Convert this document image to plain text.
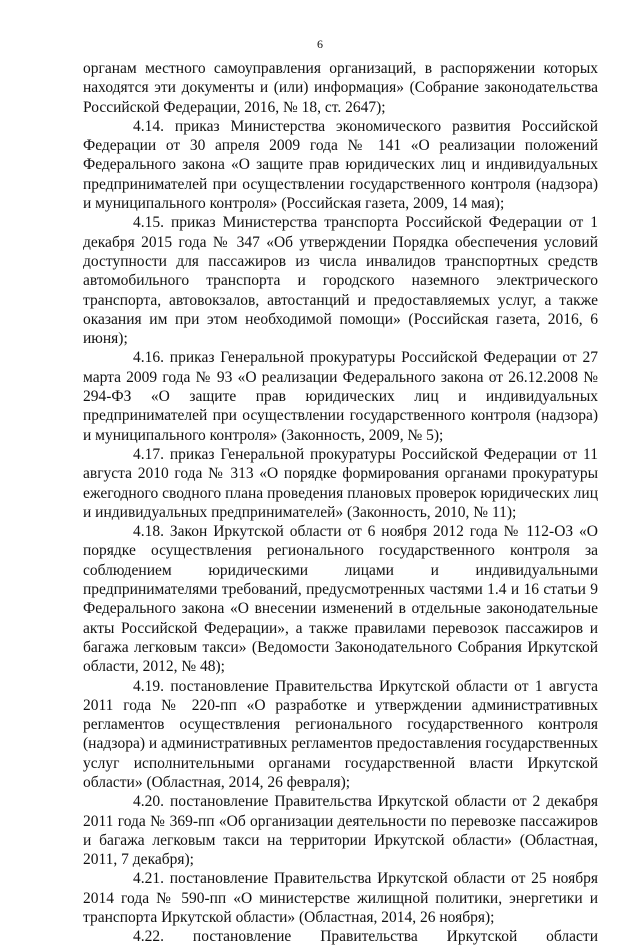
6

органам местного самоуправления организаций, в распоряжении которых находятся эти документы и (или) информация» (Собрание законодательства Российской Федерации, 2016, № 18, ст. 2647);

4.14. приказ Министерства экономического развития Российской Федерации от 30 апреля 2009 года № 141 «О реализации положений Федерального закона «О защите прав юридических лиц и индивидуальных предпринимателей при осуществлении государственного контроля (надзора) и муниципального контроля» (Российская газета, 2009, 14 мая);

4.15. приказ Министерства транспорта Российской Федерации от 1 декабря 2015 года № 347 «Об утверждении Порядка обеспечения условий доступности для пассажиров из числа инвалидов транспортных средств автомобильного транспорта и городского наземного электрического транспорта, автовокзалов, автостанций и предоставляемых услуг, а также оказания им при этом необходимой помощи» (Российская газета, 2016, 6 июня);

4.16. приказ Генеральной прокуратуры Российской Федерации от 27 марта 2009 года № 93 «О реализации Федерального закона от 26.12.2008 № 294-ФЗ «О защите прав юридических лиц и индивидуальных предпринимателей при осуществлении государственного контроля (надзора) и муниципального контроля» (Законность, 2009, № 5);

4.17. приказ Генеральной прокуратуры Российской Федерации от 11 августа 2010 года № 313 «О порядке формирования органами прокуратуры ежегодного сводного плана проведения плановых проверок юридических лиц и индивидуальных предпринимателей» (Законность, 2010, № 11);

4.18. Закон Иркутской области от 6 ноября 2012 года № 112-ОЗ «О порядке осуществления регионального государственного контроля за соблюдением юридическими лицами и индивидуальными предпринимателями требований, предусмотренных частями 1.4 и 16 статьи 9 Федерального закона «О внесении изменений в отдельные законодательные акты Российской Федерации», а также правилами перевозок пассажиров и багажа легковым такси» (Ведомости Законодательного Собрания Иркутской области, 2012, № 48);

4.19. постановление Правительства Иркутской области от 1 августа 2011 года № 220-пп «О разработке и утверждении административных регламентов осуществления регионального государственного контроля (надзора) и административных регламентов предоставления государственных услуг исполнительными органами государственной власти Иркутской области» (Областная, 2014, 26 февраля);

4.20. постановление Правительства Иркутской области от 2 декабря 2011 года № 369-пп «Об организации деятельности по перевозке пассажиров и багажа легковым такси на территории Иркутской области» (Областная, 2011, 7 декабря);

4.21. постановление Правительства Иркутской области от 25 ноября 2014 года № 590-пп «О министерстве жилищной политики, энергетики и транспорта Иркутской области» (Областная, 2014, 26 ноября);

4.22. постановление Правительства Иркутской области
